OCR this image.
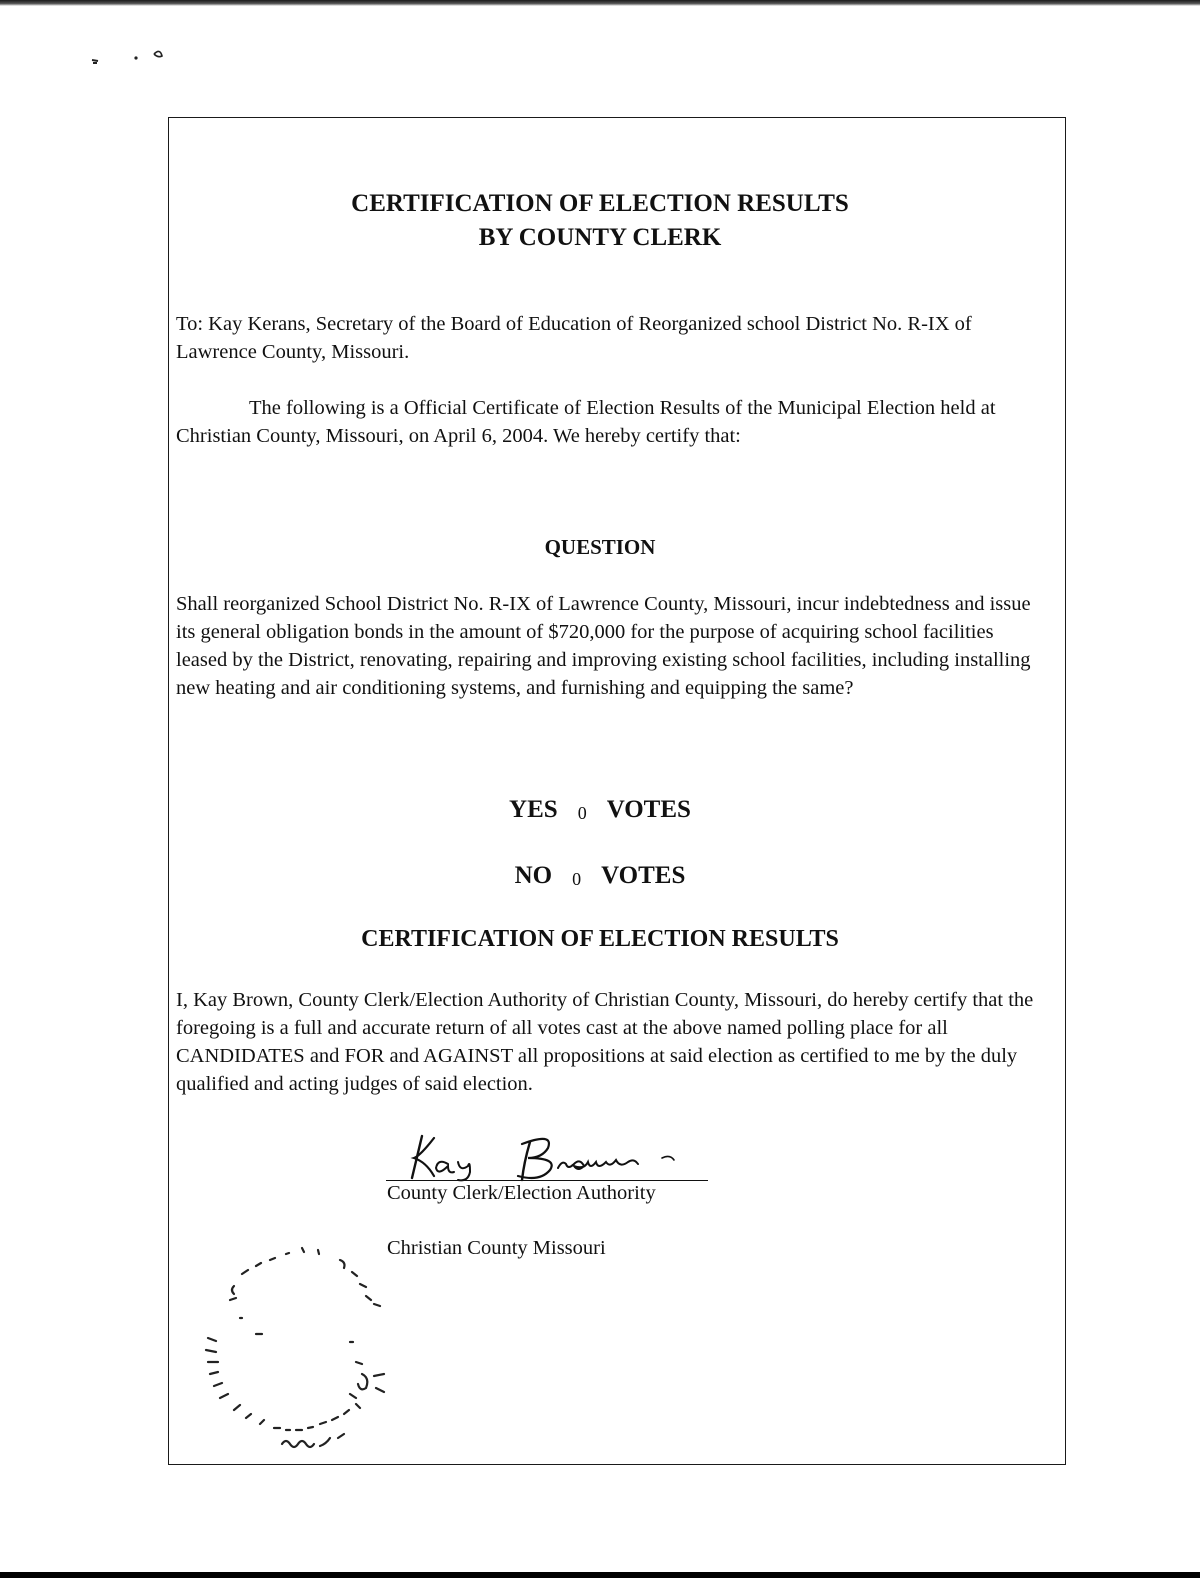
CERTIFICATION OF ELECTION RESULTS
BY COUNTY CLERK

To: Kay Kerans, Secretary of the Board of Education of Reorganized school District No. R-IX of Lawrence County, Missouri.

The following is a Official Certificate of Election Results of the Municipal Election held at Christian County, Missouri, on April 6, 2004. We hereby certify that:

QUESTION

Shall reorganized School District No. R-IX of Lawrence County, Missouri, incur indebtedness and issue its general obligation bonds in the amount of $720,000 for the purpose of acquiring school facilities leased by the District, renovating, repairing and improving existing school facilities, including installing new heating and air conditioning systems, and furnishing and equipping the same?

YES 0 VOTES
NO 0 VOTES
CERTIFICATION OF ELECTION RESULTS

I, Kay Brown, County Clerk/Election Authority of Christian County, Missouri, do hereby certify that the foregoing is a full and accurate return of all votes cast at the above named polling place for all CANDIDATES and FOR and AGAINST all propositions at said election as certified to me by the duly qualified and acting judges of said election.

County Clerk/Election Authority

Christian County Missouri
